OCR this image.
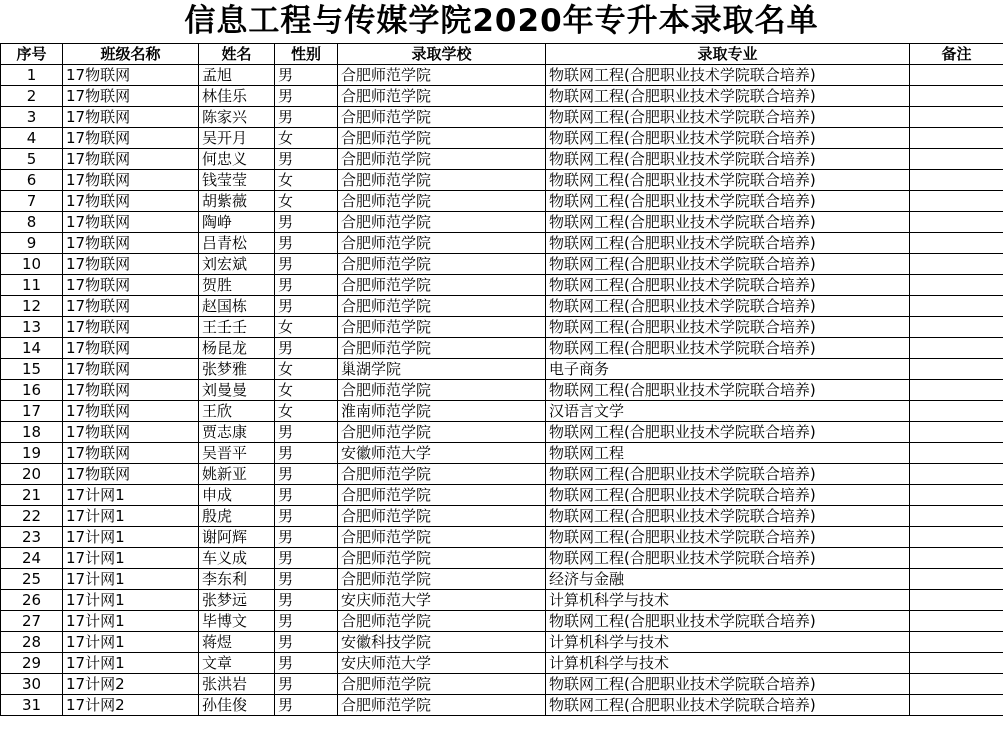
信息工程与传媒学院2020年专升本录取名单
序号	班级名称	姓名	性别	录取学校	录取专业	备注
1	17物联网	孟旭	男	合肥师范学院	物联网工程(合肥职业技术学院联合培养)	
2	17物联网	林佳乐	男	合肥师范学院	物联网工程(合肥职业技术学院联合培养)	
3	17物联网	陈家兴	男	合肥师范学院	物联网工程(合肥职业技术学院联合培养)	
4	17物联网	吴开月	女	合肥师范学院	物联网工程(合肥职业技术学院联合培养)	
5	17物联网	何忠义	男	合肥师范学院	物联网工程(合肥职业技术学院联合培养)	
6	17物联网	钱莹莹	女	合肥师范学院	物联网工程(合肥职业技术学院联合培养)	
7	17物联网	胡紫薇	女	合肥师范学院	物联网工程(合肥职业技术学院联合培养)	
8	17物联网	陶峥	男	合肥师范学院	物联网工程(合肥职业技术学院联合培养)	
9	17物联网	吕青松	男	合肥师范学院	物联网工程(合肥职业技术学院联合培养)	
10	17物联网	刘宏斌	男	合肥师范学院	物联网工程(合肥职业技术学院联合培养)	
11	17物联网	贺胜	男	合肥师范学院	物联网工程(合肥职业技术学院联合培养)	
12	17物联网	赵国栋	男	合肥师范学院	物联网工程(合肥职业技术学院联合培养)	
13	17物联网	王壬壬	女	合肥师范学院	物联网工程(合肥职业技术学院联合培养)	
14	17物联网	杨昆龙	男	合肥师范学院	物联网工程(合肥职业技术学院联合培养)	
15	17物联网	张梦雅	女	巢湖学院	电子商务	
16	17物联网	刘曼曼	女	合肥师范学院	物联网工程(合肥职业技术学院联合培养)	
17	17物联网	王欣	女	淮南师范学院	汉语言文学	
18	17物联网	贾志康	男	合肥师范学院	物联网工程(合肥职业技术学院联合培养)	
19	17物联网	吴晋平	男	安徽师范大学	物联网工程	
20	17物联网	姚新亚	男	合肥师范学院	物联网工程(合肥职业技术学院联合培养)	
21	17计网1	申成	男	合肥师范学院	物联网工程(合肥职业技术学院联合培养)	
22	17计网1	殷虎	男	合肥师范学院	物联网工程(合肥职业技术学院联合培养)	
23	17计网1	谢阿辉	男	合肥师范学院	物联网工程(合肥职业技术学院联合培养)	
24	17计网1	车义成	男	合肥师范学院	物联网工程(合肥职业技术学院联合培养)	
25	17计网1	李东利	男	合肥师范学院	经济与金融	
26	17计网1	张梦远	男	安庆师范大学	计算机科学与技术	
27	17计网1	毕博文	男	合肥师范学院	物联网工程(合肥职业技术学院联合培养)	
28	17计网1	蒋煜	男	安徽科技学院	计算机科学与技术	
29	17计网1	文章	男	安庆师范大学	计算机科学与技术	
30	17计网2	张洪岩	男	合肥师范学院	物联网工程(合肥职业技术学院联合培养)	
31	17计网2	孙佳俊	男	合肥师范学院	物联网工程(合肥职业技术学院联合培养)	
